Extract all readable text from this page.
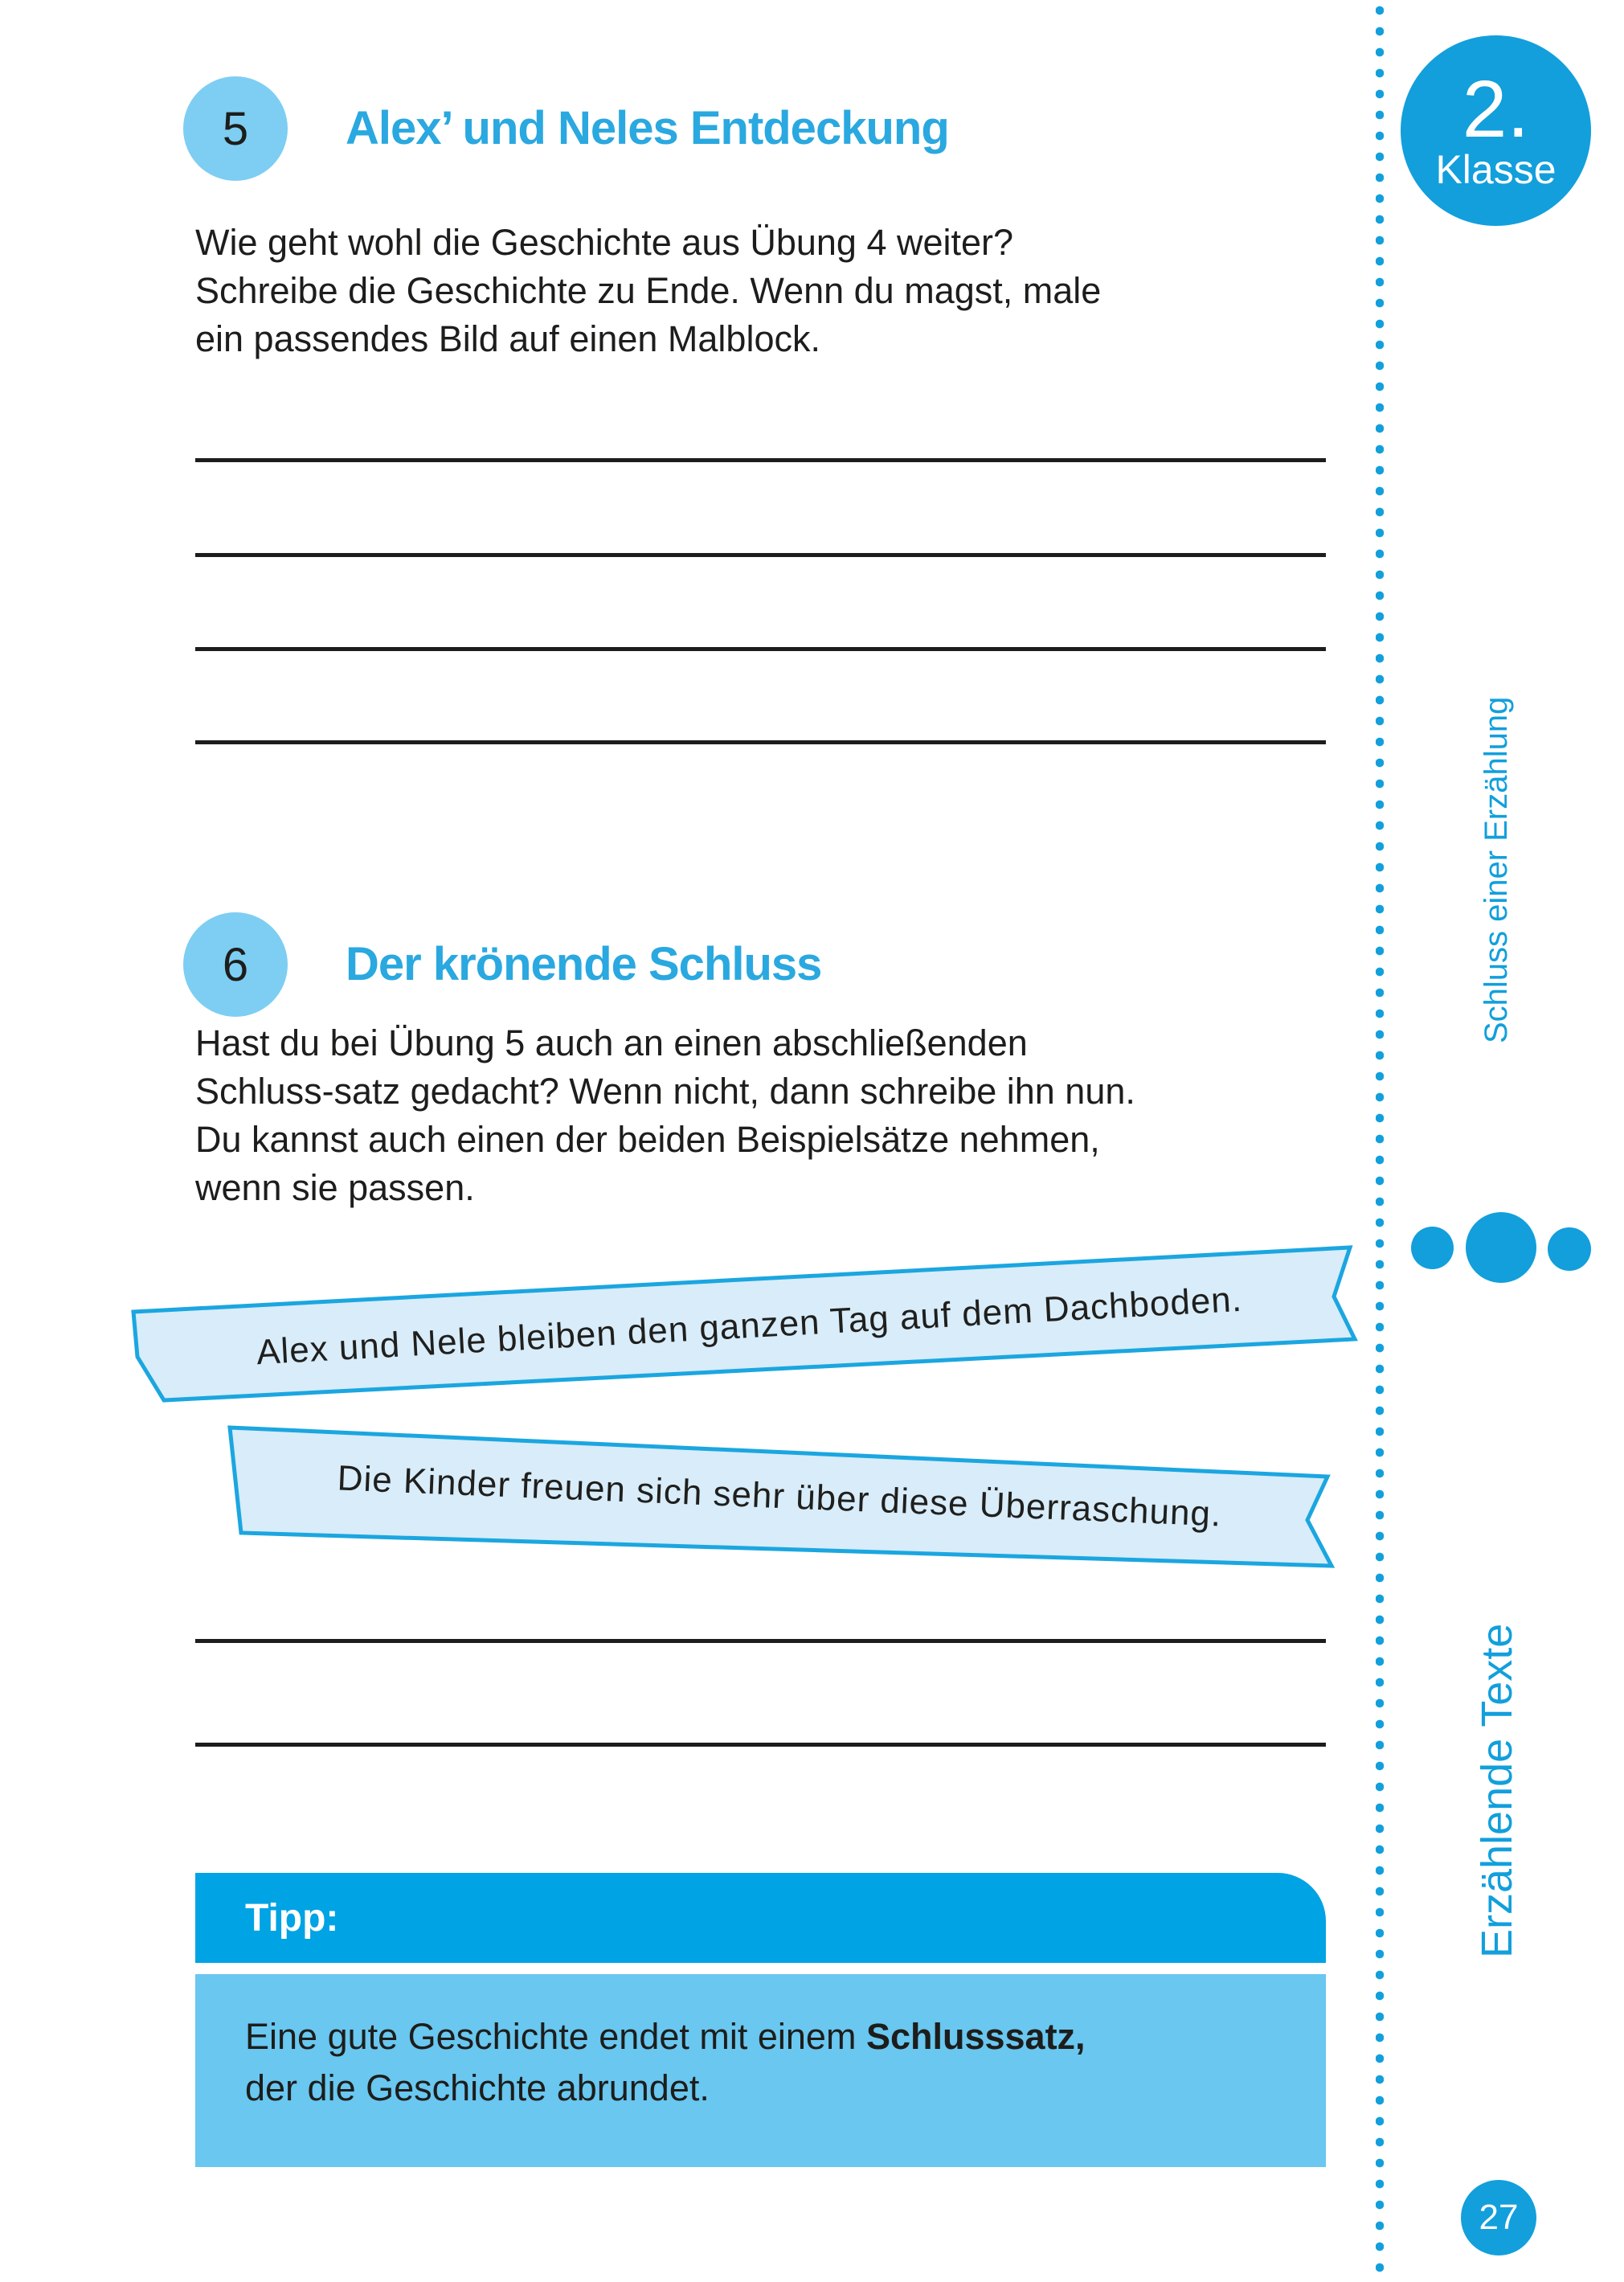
5 Alex’ und Neles Entdeckung
Wie geht wohl die Geschichte aus Übung 4 weiter?
Schreibe die Geschichte zu Ende. Wenn du magst, male
ein passendes Bild auf einen Malblock.
6 Der krönende Schluss
Hast du bei Übung 5 auch an einen abschließenden
Schluss-satz gedacht? Wenn nicht, dann schreibe ihn nun.
Du kannst auch einen der beiden Beispielsätze nehmen,
wenn sie passen.
Alex und Nele bleiben den ganzen Tag auf dem Dachboden.
Die Kinder freuen sich sehr über diese Überraschung.
Tipp:
Eine gute Geschichte endet mit einem Schlusssatz,
der die Geschichte abrundet.
2.
Klasse
Schluss einer Erzählung
Erzählende Texte
27
